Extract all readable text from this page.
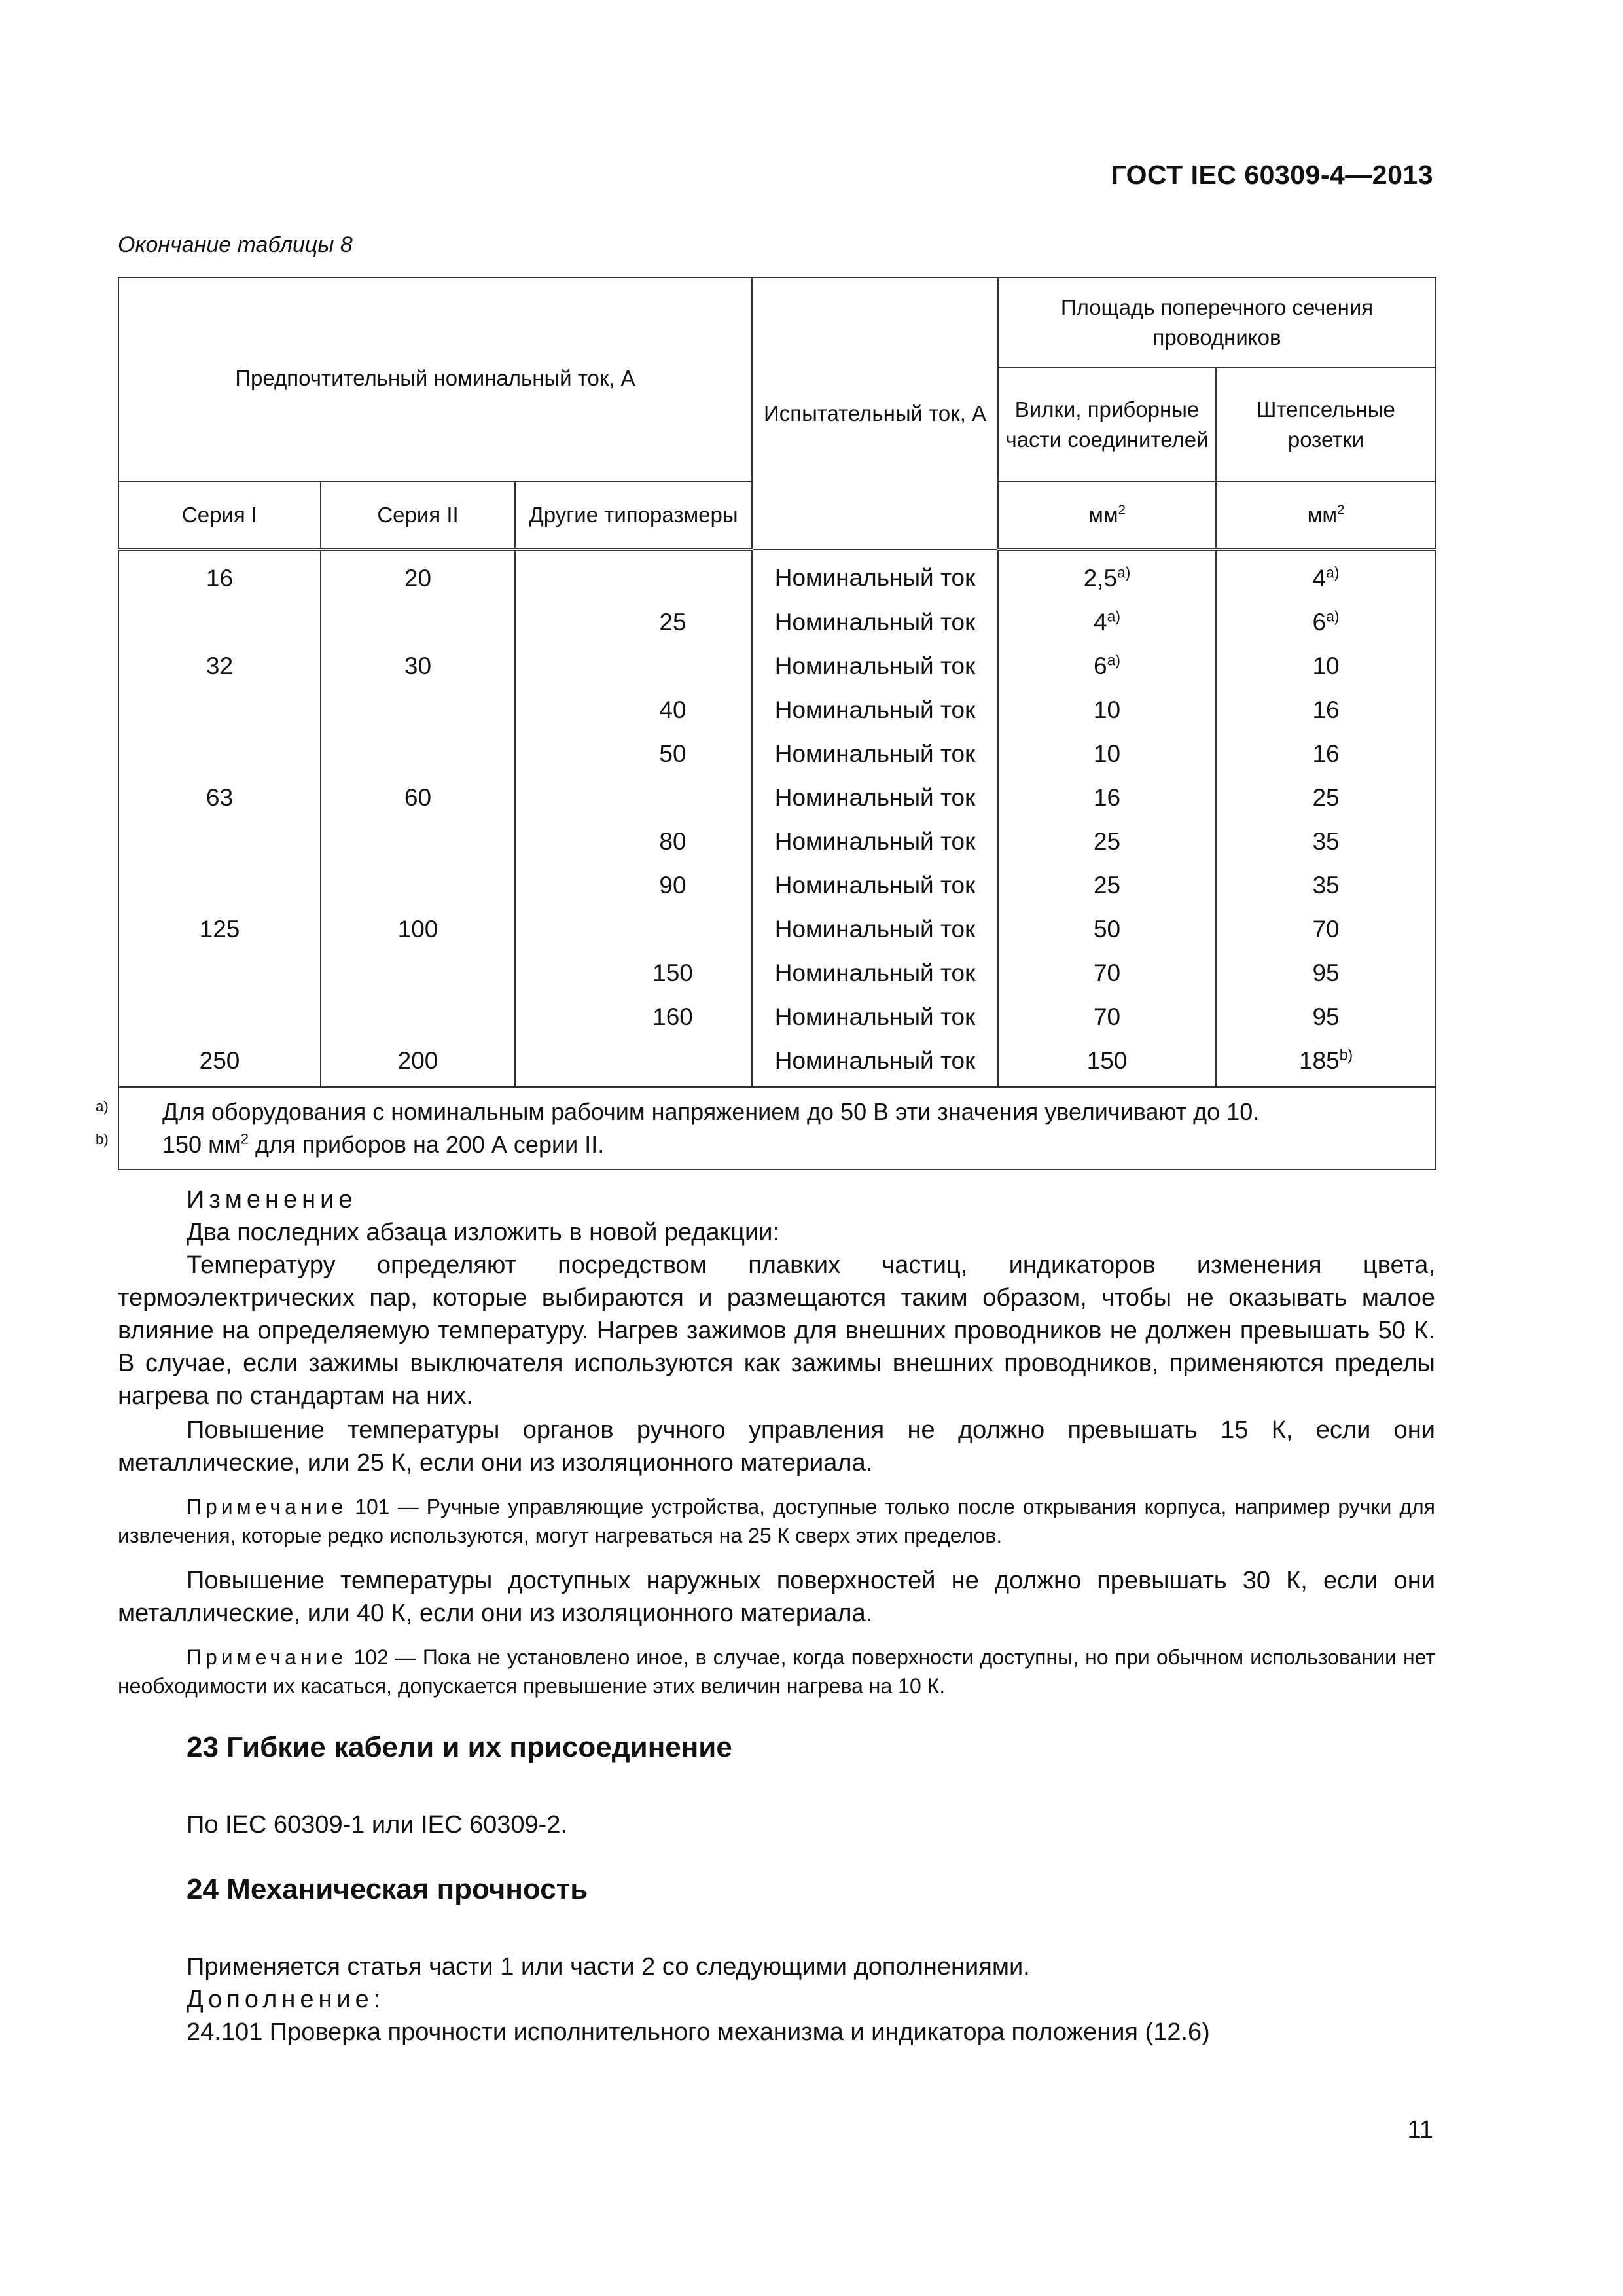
ГОСТ IEC 60309-4—2013
Окончание таблицы 8
Предпочтительный номинальный ток, А			Испытательный ток, А	Площадь поперечного сечения проводников	
				Вилки, приборные части соединителей	Штепсельные розетки
Серия I	Серия II	Другие типоразмеры		$мм^2$	$мм^2$
16	20		Номинальный ток	2,5$^{a)}$	4$^{a)}$
		25	Номинальный ток	4$^{a)}$	6$^{a)}$
32	30		Номинальный ток	6$^{a)}$	10
		40	Номинальный ток	10	16
		50	Номинальный ток	10	16
63	60		Номинальный ток	16	25
		80	Номинальный ток	25	35
		90	Номинальный ток	25	35
125	100		Номинальный ток	50	70
		150	Номинальный ток	70	95
		160	Номинальный ток	70	95
250	200		Номинальный ток	150	185$^{b)}$

a) Для оборудования с номинальным рабочим напряжением до 50 В эти значения увеличивают до 10.
b) 150 $мм^2$ для приборов на 200 А серии II.					
Изменение
Два последних абзаца изложить в новой редакции:

Температуру определяют посредством плавких частиц, индикаторов изменения цвета, термоэлектрических пар, которые выбираются и размещаются таким образом, чтобы не оказывать малое влияние на определяемую температуру. Нагрев зажимов для внешних проводников не должен превышать 50 К. В случае, если зажимы выключателя используются как зажимы внешних проводников, применяются пределы нагрева по стандартам на них.

Повышение температуры органов ручного управления не должно превышать 15 К, если они металлические, или 25 К, если они из изоляционного материала.

Примечание 101 — Ручные управляющие устройства, доступные только после открывания корпуса, например ручки для извлечения, которые редко используются, могут нагреваться на 25 К сверх этих пределов.

Повышение температуры доступных наружных поверхностей не должно превышать 30 К, если они металлические, или 40 К, если они из изоляционного материала.

Примечание 102 — Пока не установлено иное, в случае, когда поверхности доступны, но при обычном использовании нет необходимости их касаться, допускается превышение этих величин нагрева на 10 К.

23 Гибкие кабели и их присоединение
По IEC 60309-1 или IEC 60309-2.
24 Механическая прочность
Применяется статья части 1 или части 2 со следующими дополнениями.
Дополнение:
24.101 Проверка прочности исполнительного механизма и индикатора положения (12.6)
11
